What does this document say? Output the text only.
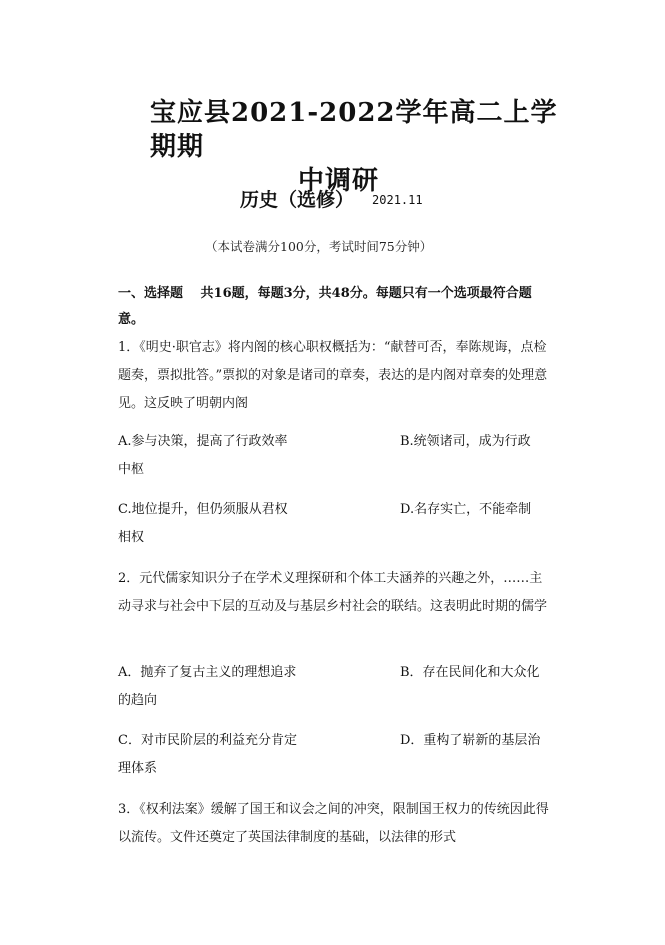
宝应县2021-2022学年高二上学期期
中调研
历史（选修） 2021.11
（本试卷满分100分，考试时间75分钟）
一、选择题　 共16题，每题3分，共48分。每题只有一个选项最符合题意。
1．《明史·职官志》将内阁的核心职权概括为：“献替可否，奉陈规诲，点检题奏，票拟批答。”票拟的对象是诸司的章奏，表达的是内阁对章奏的处理意见。这反映了明朝内阁
A.参与决策，提高了行政效率	B.统领诸司，成为行政
中枢
C.地位提升，但仍须服从君权	D.名存实亡，不能牵制
相权
2．元代儒家知识分子在学术义理探研和个体工夫涵养的兴趣之外，……主动寻求与社会中下层的互动及与基层乡村社会的联结。这表明此时期的儒学
A．抛弃了复古主义的理想追求	B．存在民间化和大众化
的趋向
C．对市民阶层的利益充分肯定	D．重构了崭新的基层治
理体系
3．《权利法案》缓解了国王和议会之间的冲突，限制国王权力的传统因此得以流传。文件还奠定了英国法律制度的基础，以法律的形式
